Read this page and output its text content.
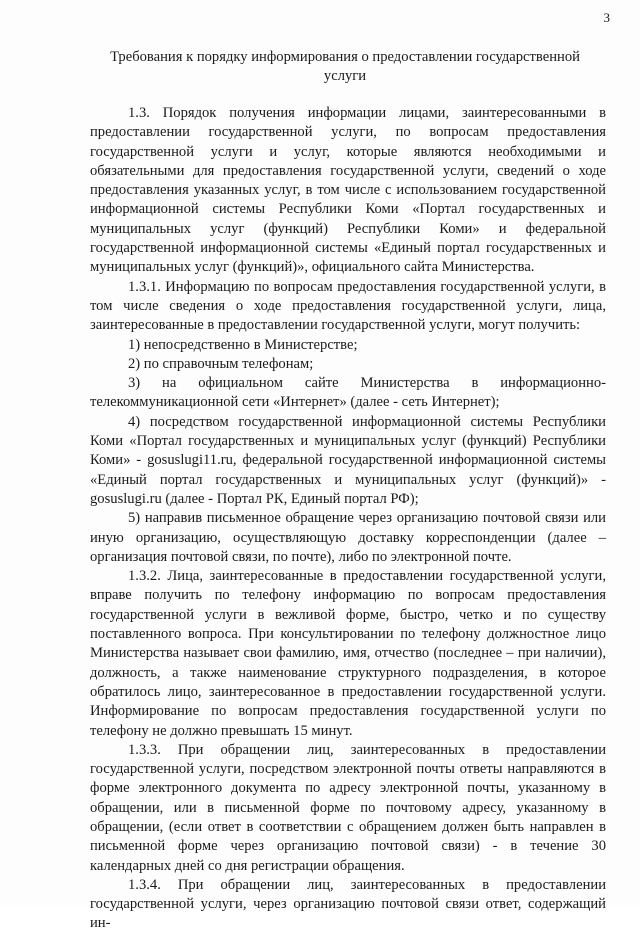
3
Требования к порядку информирования о предоставлении государственной услуги

1.3. Порядок получения информации лицами, заинтересованными в предоставлении государственной услуги, по вопросам предоставления государственной услуги и услуг, которые являются необходимыми и обязательными для предоставления государственной услуги, сведений о ходе предоставления указанных услуг, в том числе с использованием государственной информационной системы Республики Коми «Портал государственных и муниципальных услуг (функций) Республики Коми» и федеральной государственной информационной системы «Единый портал государственных и муниципальных услуг (функций)», официального сайта Министерства.

1.3.1. Информацию по вопросам предоставления государственной услуги, в том числе сведения о ходе предоставления государственной услуги, лица, заинтересованные в предоставлении государственной услуги, могут получить:

1) непосредственно в Министерстве;

2) по справочным телефонам;

3) на официальном сайте Министерства в информационно-телекоммуникационной сети «Интернет» (далее - сеть Интернет);

4) посредством государственной информационной системы Республики Коми «Портал государственных и муниципальных услуг (функций) Республики Коми» - gosuslugi11.ru, федеральной государственной информационной системы «Единый портал государственных и муниципальных услуг (функций)» - gosuslugi.ru (далее - Портал РК, Единый портал РФ);

5) направив письменное обращение через организацию почтовой связи или иную организацию, осуществляющую доставку корреспонденции (далее – организация почтовой связи, по почте), либо по электронной почте.

1.3.2. Лица, заинтересованные в предоставлении государственной услуги, вправе получить по телефону информацию по вопросам предоставления государственной услуги в вежливой форме, быстро, четко и по существу поставленного вопроса. При консультировании по телефону должностное лицо Министерства называет свои фамилию, имя, отчество (последнее – при наличии), должность, а также наименование структурного подразделения, в которое обратилось лицо, заинтересованное в предоставлении государственной услуги. Информирование по вопросам предоставления государственной услуги по телефону не должно превышать 15 минут.

1.3.3. При обращении лиц, заинтересованных в предоставлении государственной услуги, посредством электронной почты ответы направляются в форме электронного документа по адресу электронной почты, указанному в обращении, или в письменной форме по почтовому адресу, указанному в обращении, (если ответ в соответствии с обращением должен быть направлен в письменной форме через организацию почтовой связи) - в течение 30 календарных дней со дня регистрации обращения.

1.3.4. При обращении лиц, заинтересованных в предоставлении государственной услуги, через организацию почтовой связи ответ, содержащий ин-
